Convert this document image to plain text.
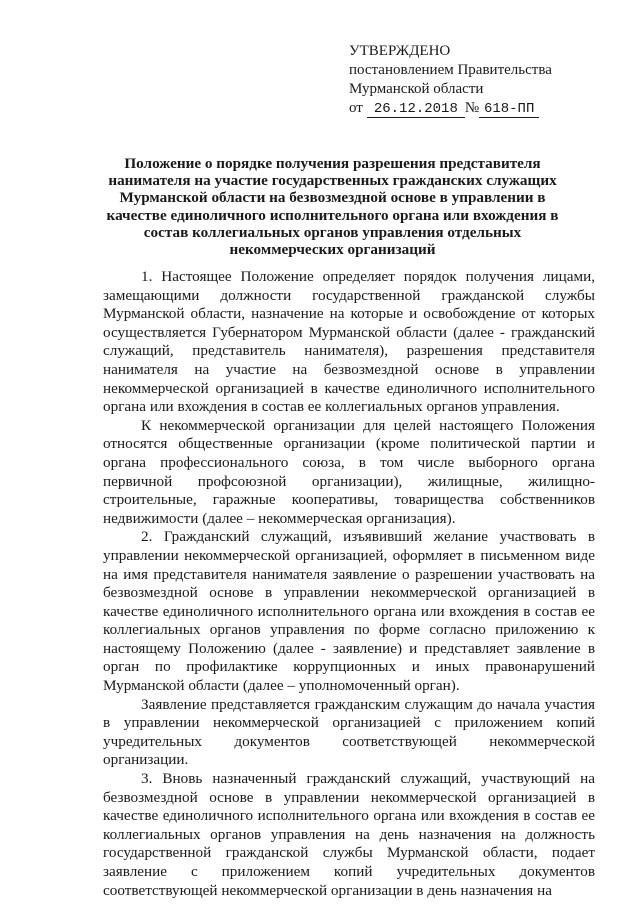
УТВЕРЖДЕНО
постановлением Правительства
Мурманской области
от 26.12.2018 № 618-ПП
Положение о порядке получения разрешения представителя нанимателя на участие государственных гражданских служащих Мурманской области на безвозмездной основе в управлении в качестве единоличного исполнительного органа или вхождения в состав коллегиальных органов управления отдельных некоммерческих организаций

1. Настоящее Положение определяет порядок получения лицами, замещающими должности государственной гражданской службы Мурманской области, назначение на которые и освобождение от которых осуществляется Губернатором Мурманской области (далее - гражданский служащий, представитель нанимателя), разрешения представителя нанимателя на участие на безвозмездной основе в управлении некоммерческой организацией в качестве единоличного исполнительного органа или вхождения в состав ее коллегиальных органов управления.

К некоммерческой организации для целей настоящего Положения относятся общественные организации (кроме политической партии и органа профессионального союза, в том числе выборного органа первичной профсоюзной организации), жилищные, жилищно-строительные, гаражные кооперативы, товарищества собственников недвижимости (далее – некоммерческая организация).

2. Гражданский служащий, изъявивший желание участвовать в управлении некоммерческой организацией, оформляет в письменном виде на имя представителя нанимателя заявление о разрешении участвовать на безвозмездной основе в управлении некоммерческой организацией в качестве единоличного исполнительного органа или вхождения в состав ее коллегиальных органов управления по форме согласно приложению к настоящему Положению (далее - заявление) и представляет заявление в орган по профилактике коррупционных и иных правонарушений Мурманской области (далее – уполномоченный орган).

Заявление представляется гражданским служащим до начала участия в управлении некоммерческой организацией с приложением копий учредительных документов соответствующей некоммерческой организации.

3. Вновь назначенный гражданский служащий, участвующий на безвозмездной основе в управлении некоммерческой организацией в качестве единоличного исполнительного органа или вхождения в состав ее коллегиальных органов управления на день назначения на должность государственной гражданской службы Мурманской области, подает заявление с приложением копий учредительных документов соответствующей некоммерческой организации в день назначения на
